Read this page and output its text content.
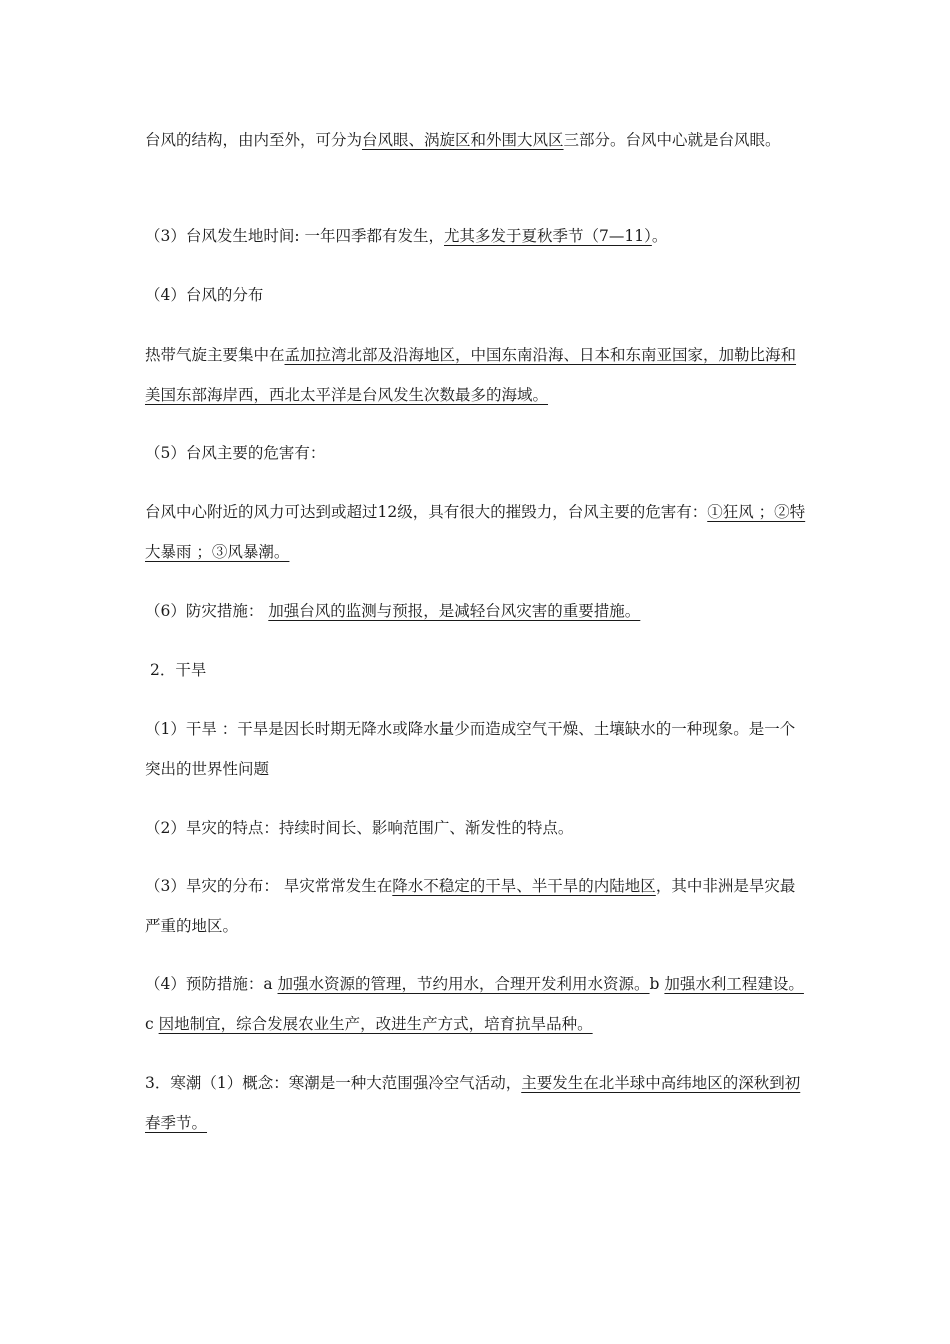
台风的结构，由内至外，可分为台风眼、涡旋区和外围大风区三部分。台风中心就是台风眼。

（3）台风发生地时间: 一年四季都有发生，尤其多发于夏秋季节（7—11）。

（4）台风的分布

热带气旋主要集中在孟加拉湾北部及沿海地区，中国东南沿海、日本和东南亚国家，加勒比海和美国东部海岸西，西北太平洋是台风发生次数最多的海域。

（5）台风主要的危害有：

台风中心附近的风力可达到或超过12级，具有很大的摧毁力，台风主要的危害有：①狂风 ；②特大暴雨 ；③风暴潮。

（6）防灾措施： 加强台风的监测与预报，是减轻台风灾害的重要措施。

2．干旱

（1）干旱 ：干旱是因长时期无降水或降水量少而造成空气干燥、土壤缺水的一种现象。是一个突出的世界性问题

（2）旱灾的特点：持续时间长、影响范围广、渐发性的特点。

（3）旱灾的分布： 旱灾常常发生在降水不稳定的干旱、半干旱的内陆地区，其中非洲是旱灾最严重的地区。

（4）预防措施：a 加强水资源的管理，节约用水，合理开发利用水资源。b 加强水利工程建设。c 因地制宜，综合发展农业生产，改进生产方式，培育抗旱品种。

3．寒潮（1）概念：寒潮是一种大范围强冷空气活动，主要发生在北半球中高纬地区的深秋到初春季节。
